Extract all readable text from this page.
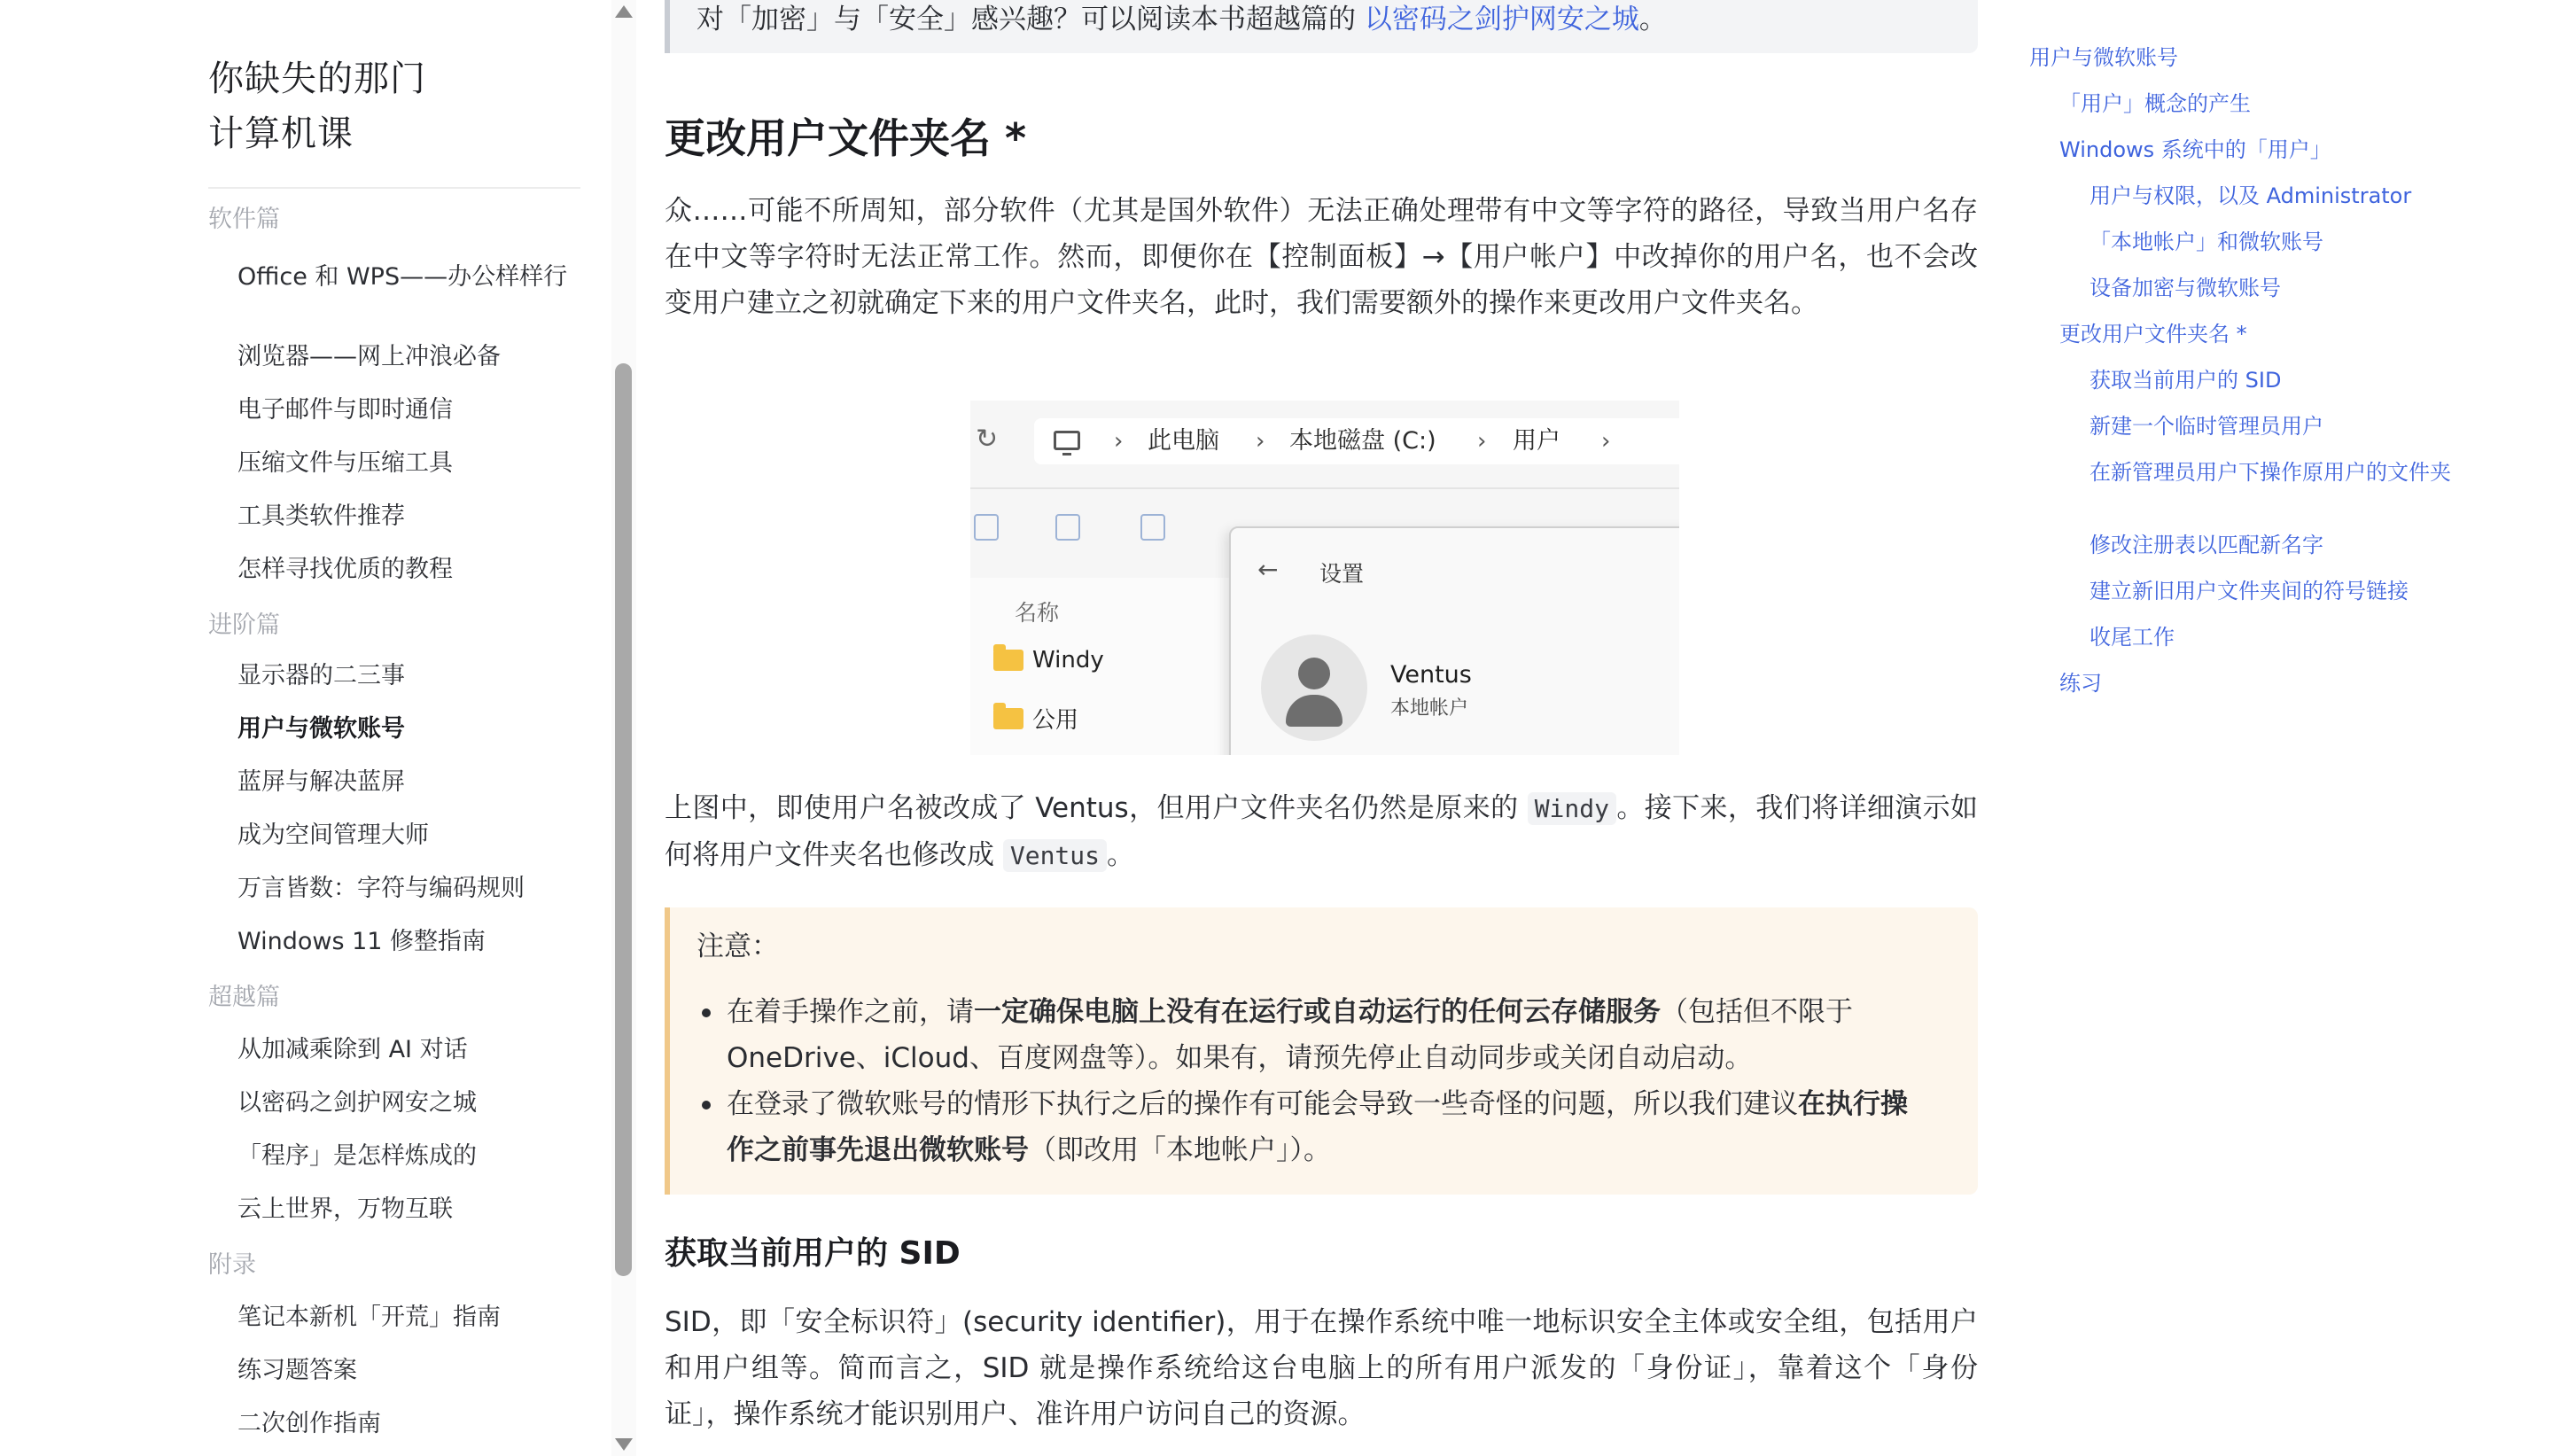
你缺失的那门
计算机课
软件篇
Office 和 WPS——办公样样行
浏览器——网上冲浪必备
电子邮件与即时通信
压缩文件与压缩工具
工具类软件推荐
怎样寻找优质的教程
进阶篇
显示器的二三事
用户与微软账号
蓝屏与解决蓝屏
成为空间管理大师
万言皆数：字符与编码规则
Windows 11 修整指南
超越篇
从加减乘除到 AI 对话
以密码之剑护网安之城
「程序」是怎样炼成的
云上世界，万物互联
附录
笔记本新机「开荒」指南
练习题答案
二次创作指南
对「加密」与「安全」感兴趣？可以阅读本书超越篇的 以密码之剑护网安之城。
更改用户文件夹名 *

众……可能不所周知，部分软件（尤其是国外软件）无法正确处理带有中文等字符的路径，导致当用户名存在中文等字符时无法正常工作。然而，即便你在【控制面板】→【用户帐户】中改掉你的用户名，也不会改变用户建立之初就确定下来的用户文件夹名，此时，我们需要额外的操作来更改用户文件夹名。

↻	› 此电脑 › 本地磁盘 (C:) › 用户 ›
名称
Windy
公用
← 设置
Ventus
本地帐户

上图中，即使用户名被改成了 Ventus，但用户文件夹名仍然是原来的 Windy 。接下来，我们将详细演示如何将用户文件夹名也修改成 Ventus 。

注意：
在着手操作之前，请一定确保电脑上没有在运行或自动运行的任何云存储服务（包括但不限于 OneDrive、iCloud、百度网盘等）。如果有，请预先停止自动同步或关闭自动启动。
在登录了微软账号的情形下执行之后的操作有可能会导致一些奇怪的问题，所以我们建议在执行操作之前事先退出微软账号（即改用「本地帐户」）。
获取当前用户的 SID

SID，即「安全标识符」(security identifier)，用于在操作系统中唯一地标识安全主体或安全组，包括用户和用户组等。简而言之，SID 就是操作系统给这台电脑上的所有用户派发的「身份证」，靠着这个「身份证」，操作系统才能识别用户、准许用户访问自己的资源。

用户与微软账号
「用户」概念的产生
Windows 系统中的「用户」
用户与权限，以及 Administrator
「本地帐户」和微软账号
设备加密与微软账号
更改用户文件夹名 *
获取当前用户的 SID
新建一个临时管理员用户
在新管理员用户下操作原用户的文件夹
修改注册表以匹配新名字
建立新旧用户文件夹间的符号链接
收尾工作
练习
